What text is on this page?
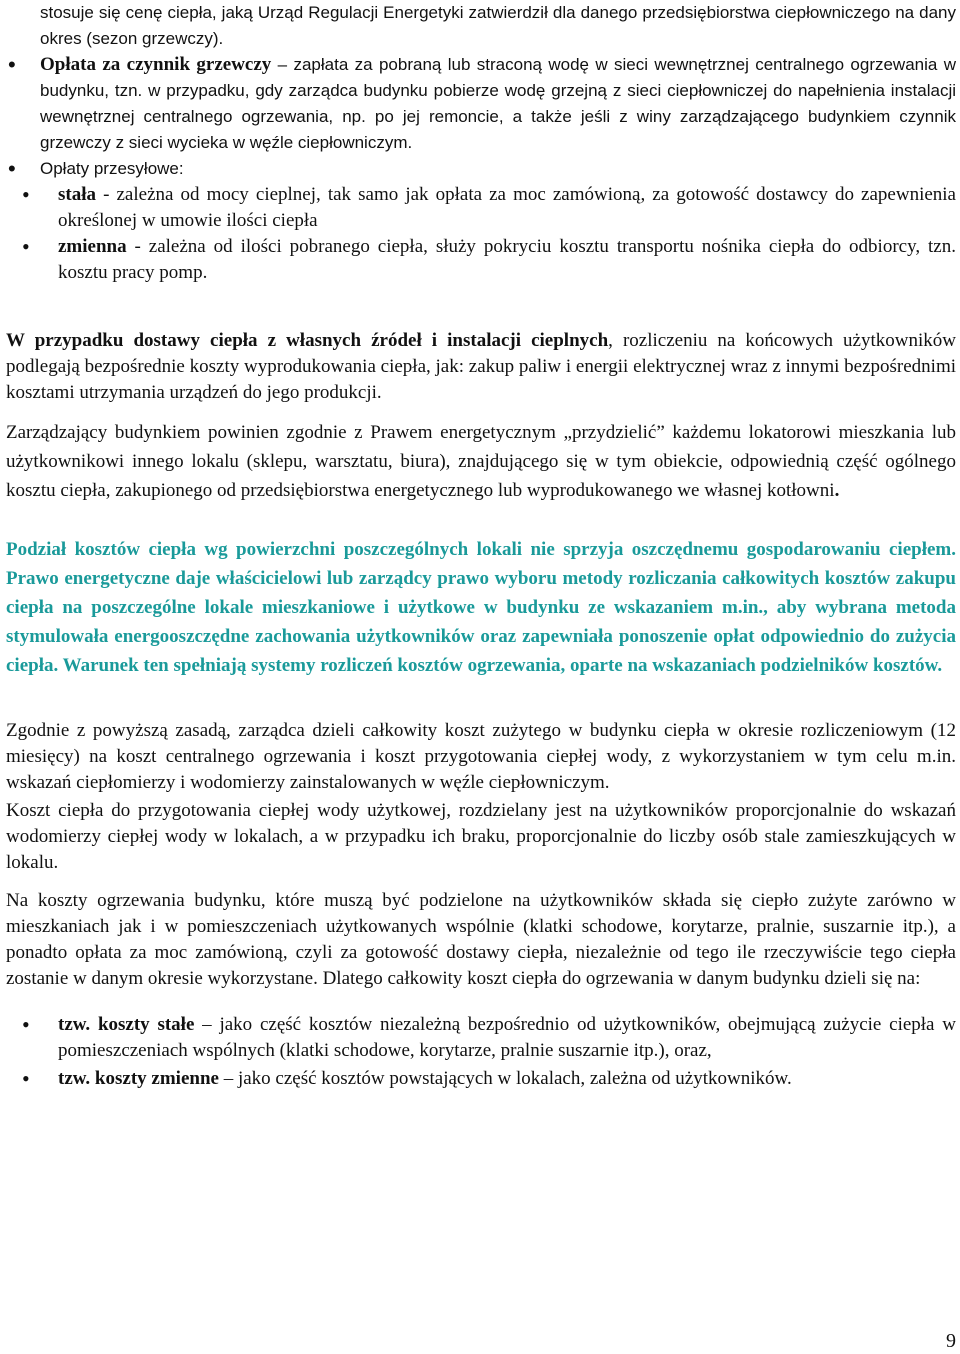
stosuje się cenę ciepła, jaką Urząd Regulacji Energetyki zatwierdził dla danego przedsiębiorstwa ciepłowniczego na dany okres (sezon grzewczy).

• Opłata za czynnik grzewczy – zapłata za pobraną lub straconą wodę w sieci wewnętrznej centralnego ogrzewania w budynku, tzn. w przypadku, gdy zarządca budynku pobierze wodę grzejną z sieci ciepłowniczej do napełnienia instalacji wewnętrznej centralnego ogrzewania, np. po jej remoncie, a także jeśli z winy zarządzającego budynkiem czynnik grzewczy z sieci wycieka w węźle ciepłowniczym.
• Opłaty przesyłowe:
• stała - zależna od mocy cieplnej, tak samo jak opłata za moc zamówioną, za gotowość dostawcy do zapewnienia określonej w umowie ilości ciepła
• zmienna - zależna od ilości pobranego ciepła, służy pokryciu kosztu transportu nośnika ciepła do odbiorcy, tzn. kosztu pracy pomp.

W przypadku dostawy ciepła z własnych źródeł i instalacji cieplnych, rozliczeniu na końcowych użytkowników podlegają bezpośrednie koszty wyprodukowania ciepła, jak: zakup paliw i energii elektrycznej wraz z innymi bezpośrednimi kosztami utrzymania urządzeń do jego produkcji.

Zarządzający budynkiem powinien zgodnie z Prawem energetycznym „przydzielić” każdemu lokatorowi mieszkania lub użytkownikowi innego lokalu (sklepu, warsztatu, biura), znajdującego się w tym obiekcie, odpowiednią część ogólnego kosztu ciepła, zakupionego od przedsiębiorstwa energetycznego lub wyprodukowanego we własnej kotłowni.

Podział kosztów ciepła wg powierzchni poszczególnych lokali nie sprzyja oszczędnemu gospodarowaniu ciepłem. Prawo energetyczne daje właścicielowi lub zarządcy prawo wyboru metody rozliczania całkowitych kosztów zakupu ciepła na poszczególne lokale mieszkaniowe i użytkowe w budynku ze wskazaniem m.in., aby wybrana metoda stymulowała energooszczędne zachowania użytkowników oraz zapewniała ponoszenie opłat odpowiednio do zużycia ciepła. Warunek ten spełniają systemy rozliczeń kosztów ogrzewania, oparte na wskazaniach podzielników kosztów.

Zgodnie z powyższą zasadą, zarządca dzieli całkowity koszt zużytego w budynku ciepła w okresie rozliczeniowym (12 miesięcy) na koszt centralnego ogrzewania i koszt przygotowania ciepłej wody, z wykorzystaniem w tym celu m.in. wskazań ciepłomierzy i wodomierzy zainstalowanych w węźle ciepłowniczym.

Koszt ciepła do przygotowania ciepłej wody użytkowej, rozdzielany jest na użytkowników proporcjonalnie do wskazań wodomierzy ciepłej wody w lokalach, a w przypadku ich braku, proporcjonalnie do liczby osób stale zamieszkujących w lokalu.

Na koszty ogrzewania budynku, które muszą być podzielone na użytkowników składa się ciepło zużyte zarówno w mieszkaniach jak i w pomieszczeniach użytkowanych wspólnie (klatki schodowe, korytarze, pralnie, suszarnie itp.), a ponadto opłata za moc zamówioną, czyli za gotowość dostawy ciepła, niezależnie od tego ile rzeczywiście tego ciepła zostanie w danym okresie wykorzystane. Dlatego całkowity koszt ciepła do ogrzewania w danym budynku dzieli się na:

• tzw. koszty stałe – jako część kosztów niezależną bezpośrednio od użytkowników, obejmującą zużycie ciepła w pomieszczeniach wspólnych (klatki schodowe, korytarze, pralnie suszarnie itp.), oraz,
• tzw. koszty zmienne – jako część kosztów powstających w lokalach, zależna od użytkowników.
9
